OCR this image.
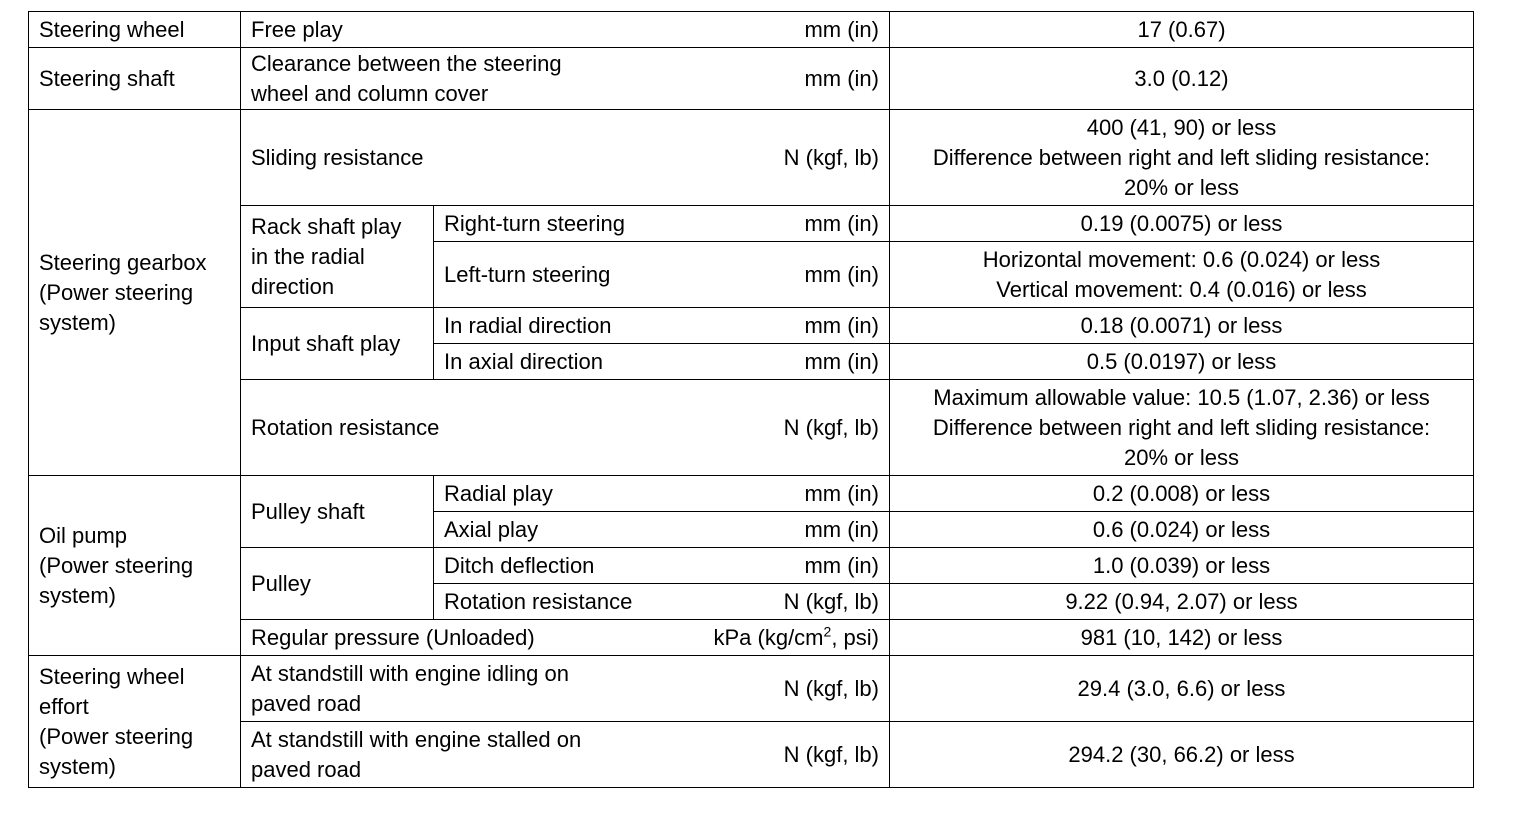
Steering wheel	Free play mm (in)		17 (0.67)
Steering shaft	Clearance between the steering
wheel and column cover
mm (in)		3.0 (0.12)
Steering gearbox
(Power steering
system)	Sliding resistance N (kgf, lb)		400 (41, 90) or less
Difference between right and left sliding resistance:
20% or less
	Rack shaft play
in the radial
direction	Right-turn steering mm (in)	0.19 (0.0075) or less

		Left-turn steering mm (in)	Horizontal movement: 0.6 (0.024) or less
Vertical movement: 0.4 (0.016) or less
	Input shaft play	In radial direction mm (in)	0.18 (0.0071) or less

		In axial direction mm (in)	0.5 (0.0197) or less

	Rotation resistance N (kgf, lb)		Maximum allowable value: 10.5 (1.07, 2.36) or less
Difference between right and left sliding resistance:
20% or less
Oil pump
(Power steering
system)	Pulley shaft	Radial play mm (in)	0.2 (0.008) or less

		Axial play mm (in)	0.6 (0.024) or less
	Pulley	Ditch deflection mm (in)	1.0 (0.039) or less

		Rotation resistance N (kgf, lb)	9.22 (0.94, 2.07) or less

	Regular pressure (Unloaded) kPa ($kg/cm^2$, psi)		981 (10, 142) or less
Steering wheel
effort
(Power steering
system)	At standstill with engine idling on
paved road
N (kgf, lb)		29.4 (3.0, 6.6) or less

	At standstill with engine stalled on
paved road
N (kgf, lb)		294.2 (30, 66.2) or less
